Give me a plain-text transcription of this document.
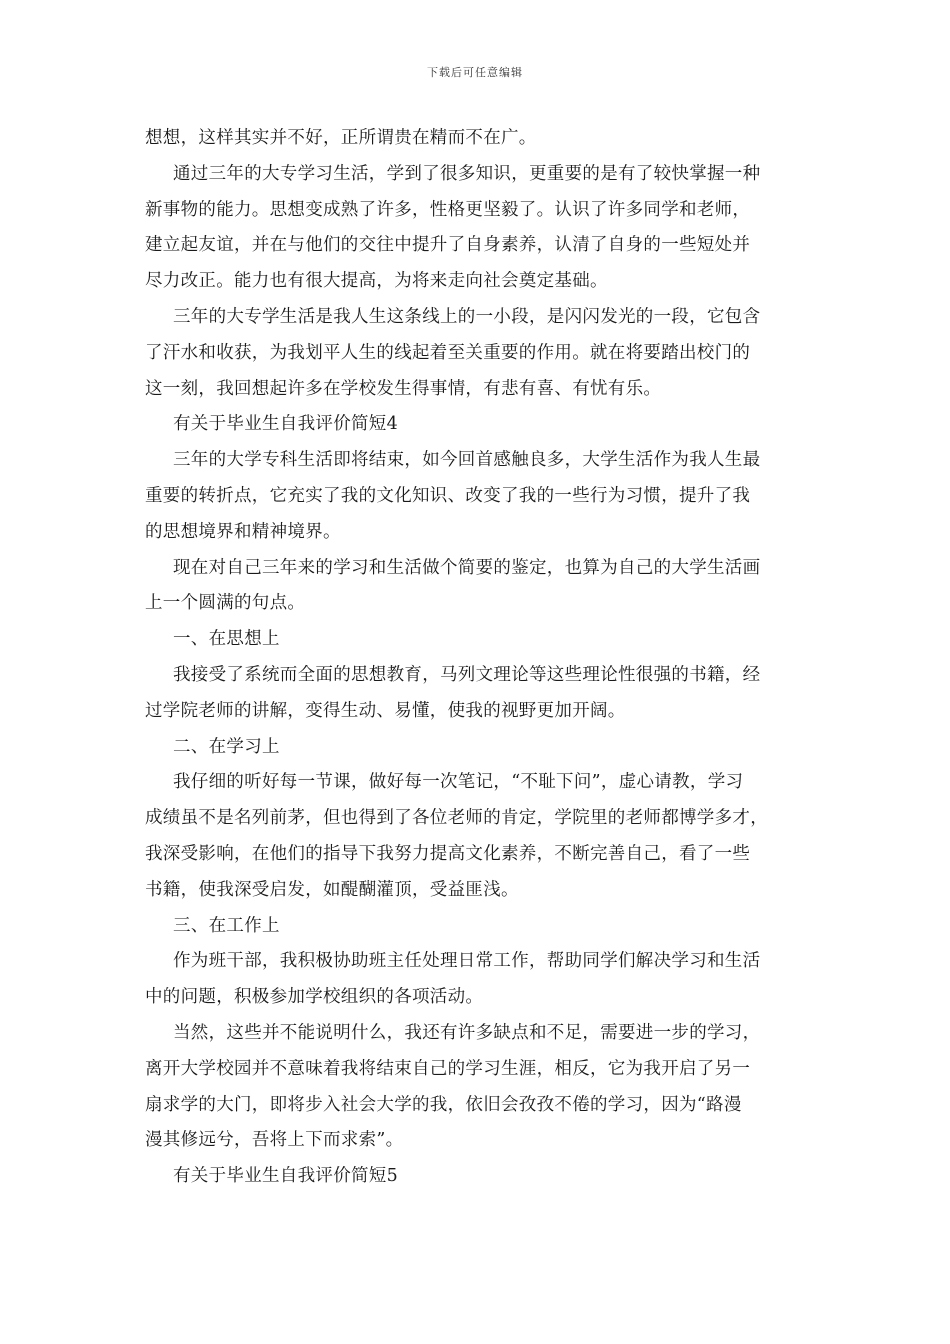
下载后可任意编辑
想想，这样其实并不好，正所谓贵在精而不在广。
通过三年的大专学习生活，学到了很多知识，更重要的是有了较快掌握一种
新事物的能力。思想变成熟了许多，性格更坚毅了。认识了许多同学和老师，
建立起友谊，并在与他们的交往中提升了自身素养，认清了自身的一些短处并
尽力改正。能力也有很大提高，为将来走向社会奠定基础。
三年的大专学生活是我人生这条线上的一小段，是闪闪发光的一段，它包含
了汗水和收获，为我划平人生的线起着至关重要的作用。就在将要踏出校门的
这一刻，我回想起许多在学校发生得事情，有悲有喜、有忧有乐。
有关于毕业生自我评价简短4
三年的大学专科生活即将结束，如今回首感触良多，大学生活作为我人生最
重要的转折点，它充实了我的文化知识、改变了我的一些行为习惯，提升了我
的思想境界和精神境界。
现在对自己三年来的学习和生活做个简要的鉴定，也算为自己的大学生活画
上一个圆满的句点。
一、在思想上
我接受了系统而全面的思想教育，马列文理论等这些理论性很强的书籍，经
过学院老师的讲解，变得生动、易懂，使我的视野更加开阔。
二、在学习上
我仔细的听好每一节课，做好每一次笔记，“不耻下问”，虚心请教，学习
成绩虽不是名列前茅，但也得到了各位老师的肯定，学院里的老师都博学多才，
我深受影响，在他们的指导下我努力提高文化素养，不断完善自己，看了一些
书籍，使我深受启发，如醍醐灌顶，受益匪浅。
三、在工作上
作为班干部，我积极协助班主任处理日常工作，帮助同学们解决学习和生活
中的问题，积极参加学校组织的各项活动。
当然，这些并不能说明什么，我还有许多缺点和不足，需要进一步的学习，
离开大学校园并不意味着我将结束自己的学习生涯，相反，它为我开启了另一
扇求学的大门，即将步入社会大学的我，依旧会孜孜不倦的学习，因为“路漫
漫其修远兮，吾将上下而求索”。
有关于毕业生自我评价简短5
